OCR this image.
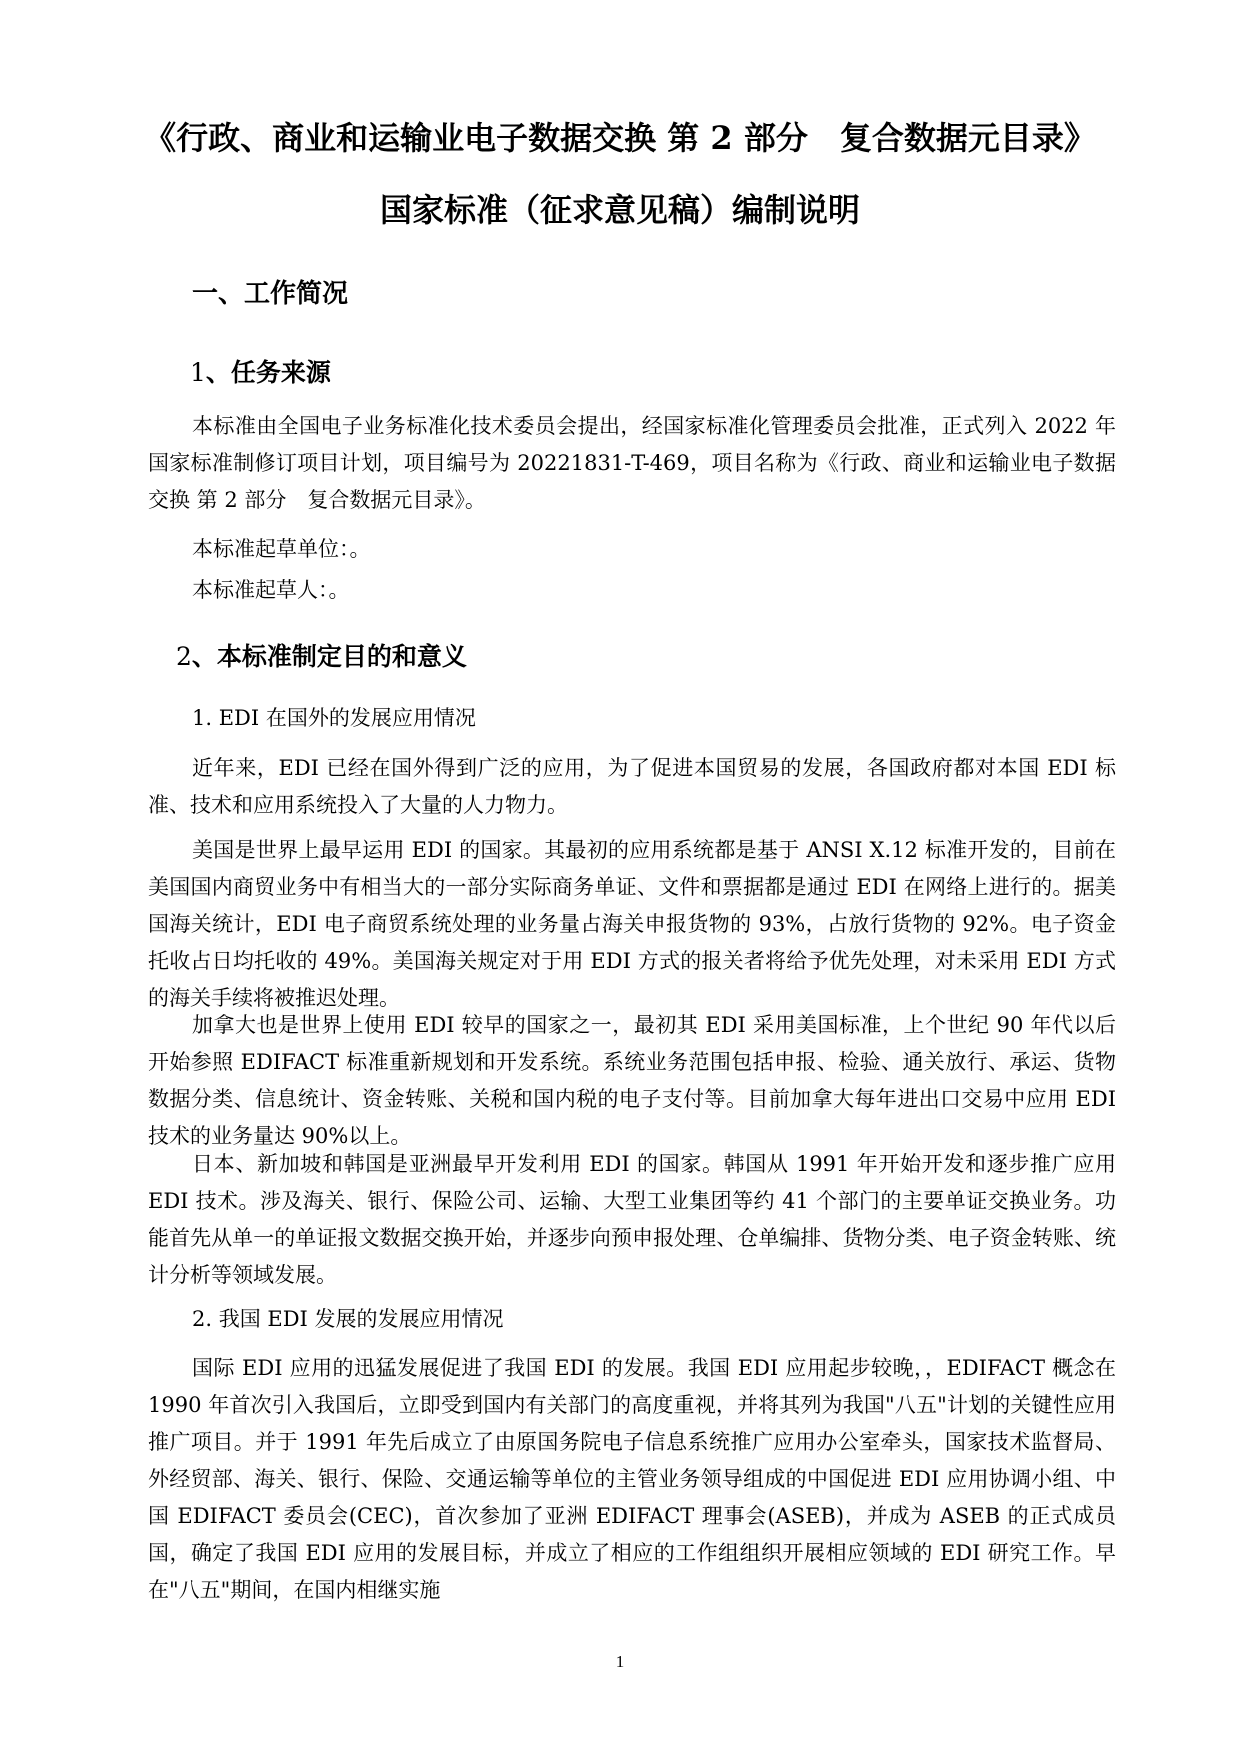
《行政、商业和运输业电子数据交换 第 2 部分　复合数据元目录》
国家标准（征求意见稿）编制说明
一、工作简况
1、任务来源

本标准由全国电子业务标准化技术委员会提出，经国家标准化管理委员会批准，正式列入 2022 年国家标准制修订项目计划，项目编号为 20221831-T-469，项目名称为《行政、商业和运输业电子数据交换 第 2 部分　复合数据元目录》。

本标准起草单位：。
本标准起草人：。
2、本标准制定目的和意义
1. EDI 在国外的发展应用情况

近年来，EDI 已经在国外得到广泛的应用，为了促进本国贸易的发展，各国政府都对本国 EDI 标准、技术和应用系统投入了大量的人力物力。

美国是世界上最早运用 EDI 的国家。其最初的应用系统都是基于 ANSI X.12 标准开发的，目前在美国国内商贸业务中有相当大的一部分实际商务单证、文件和票据都是通过 EDI 在网络上进行的。据美国海关统计，EDI 电子商贸系统处理的业务量占海关申报货物的 93%，占放行货物的 92%。电子资金托收占日均托收的 49%。美国海关规定对于用 EDI 方式的报关者将给予优先处理，对未采用 EDI 方式的海关手续将被推迟处理。

加拿大也是世界上使用 EDI 较早的国家之一，最初其 EDI 采用美国标准，上个世纪 90 年代以后开始参照 EDIFACT 标准重新规划和开发系统。系统业务范围包括申报、检验、通关放行、承运、货物数据分类、信息统计、资金转账、关税和国内税的电子支付等。目前加拿大每年进出口交易中应用 EDI 技术的业务量达 90%以上。

日本、新加坡和韩国是亚洲最早开发利用 EDI 的国家。韩国从 1991 年开始开发和逐步推广应用 EDI 技术。涉及海关、银行、保险公司、运输、大型工业集团等约 41 个部门的主要单证交换业务。功能首先从单一的单证报文数据交换开始，并逐步向预申报处理、仓单编排、货物分类、电子资金转账、统计分析等领域发展。

2. 我国 EDI 发展的发展应用情况

国际 EDI 应用的迅猛发展促进了我国 EDI 的发展。我国 EDI 应用起步较晚，，EDIFACT 概念在 1990 年首次引入我国后，立即受到国内有关部门的高度重视，并将其列为我国"八五"计划的关键性应用推广项目。并于 1991 年先后成立了由原国务院电子信息系统推广应用办公室牵头，国家技术监督局、外经贸部、海关、银行、保险、交通运输等单位的主管业务领导组成的中国促进 EDI 应用协调小组、中国 EDIFACT 委员会(CEC)，首次参加了亚洲 EDIFACT 理事会(ASEB)，并成为 ASEB 的正式成员国，确定了我国 EDI 应用的发展目标，并成立了相应的工作组组织开展相应领域的 EDI 研究工作。早在"八五"期间，在国内相继实施

1
